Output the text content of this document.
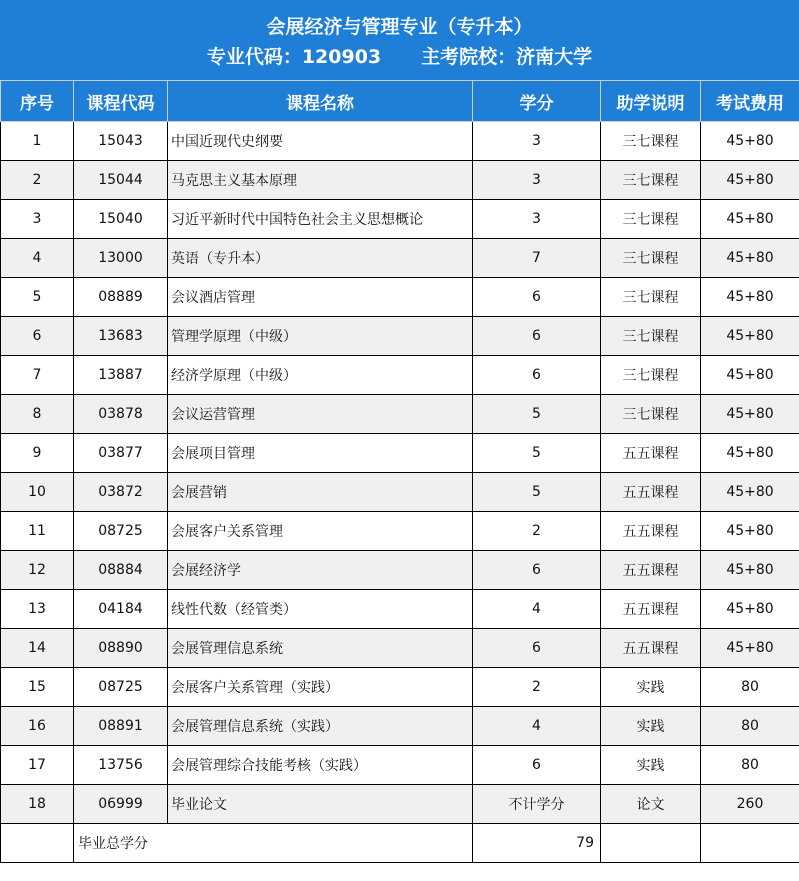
会展经济与管理专业（专升本）
专业代码：120903 主考院校：济南大学
序号	课程代码	课程名称	学分	助学说明	考试费用
1	15043	中国近现代史纲要	3	三七课程	45+80
2	15044	马克思主义基本原理	3	三七课程	45+80
3	15040	习近平新时代中国特色社会主义思想概论	3	三七课程	45+80
4	13000	英语（专升本）	7	三七课程	45+80
5	08889	会议酒店管理	6	三七课程	45+80
6	13683	管理学原理（中级）	6	三七课程	45+80
7	13887	经济学原理（中级）	6	三七课程	45+80
8	03878	会议运营管理	5	三七课程	45+80
9	03877	会展项目管理	5	五五课程	45+80
10	03872	会展营销	5	五五课程	45+80
11	08725	会展客户关系管理	2	五五课程	45+80
12	08884	会展经济学	6	五五课程	45+80
13	04184	线性代数（经管类）	4	五五课程	45+80
14	08890	会展管理信息系统	6	五五课程	45+80
15	08725	会展客户关系管理（实践）	2	实践	80
16	08891	会展管理信息系统（实践）	4	实践	80
17	13756	会展管理综合技能考核（实践）	6	实践	80
18	06999	毕业论文	不计学分	论文	260
	毕业总学分		79		
